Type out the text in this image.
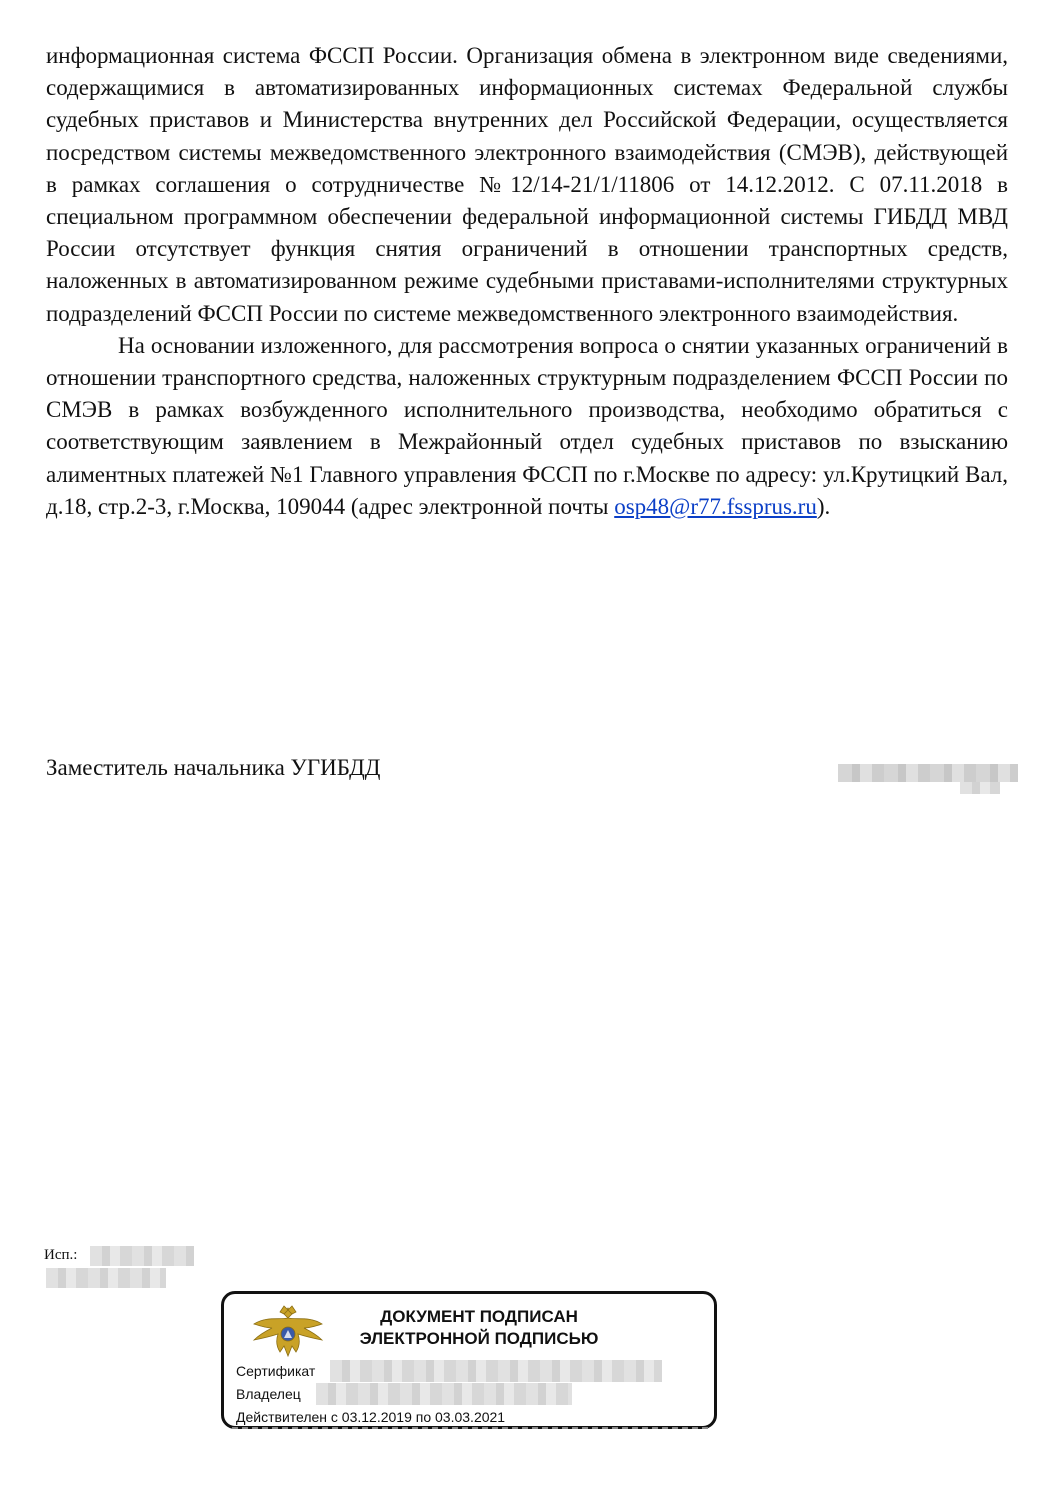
информационная система ФССП России. Организация обмена в электронном виде сведениями, содержащимися в автоматизированных информационных системах Федеральной службы судебных приставов и Министерства внутренних дел Российской Федерации, осуществляется посредством системы межведомственного электронного взаимодействия (СМЭВ), действующей в рамках соглашения о сотрудничестве №12/14-21/1/11806 от 14.12.2012. С 07.11.2018 в специальном программном обеспечении федеральной информационной системы ГИБДД МВД России отсутствует функция снятия ограничений в отношении транспортных средств, наложенных в автоматизированном режиме судебными приставами-исполнителями структурных подразделений ФССП России по системе межведомственного электронного взаимодействия.

На основании изложенного, для рассмотрения вопроса о снятии указанных ограничений в отношении транспортного средства, наложенных структурным подразделением ФССП России по СМЭВ в рамках возбужденного исполнительного производства, необходимо обратиться с соответствующим заявлением в Межрайонный отдел судебных приставов по взысканию алиментных платежей №1 Главного управления ФССП по г.Москве по адресу: ул.Крутицкий Вал, д.18, стр.2-3, г.Москва, 109044 (адрес электронной почты osp48@r77.fssprus.ru).

Заместитель начальника УГИБДД
Исп.:
ДОКУМЕНТ ПОДПИСАН
ЭЛЕКТРОННОЙ ПОДПИСЬЮ
Сертификат
Владелец
Действителен с 03.12.2019 по 03.03.2021
